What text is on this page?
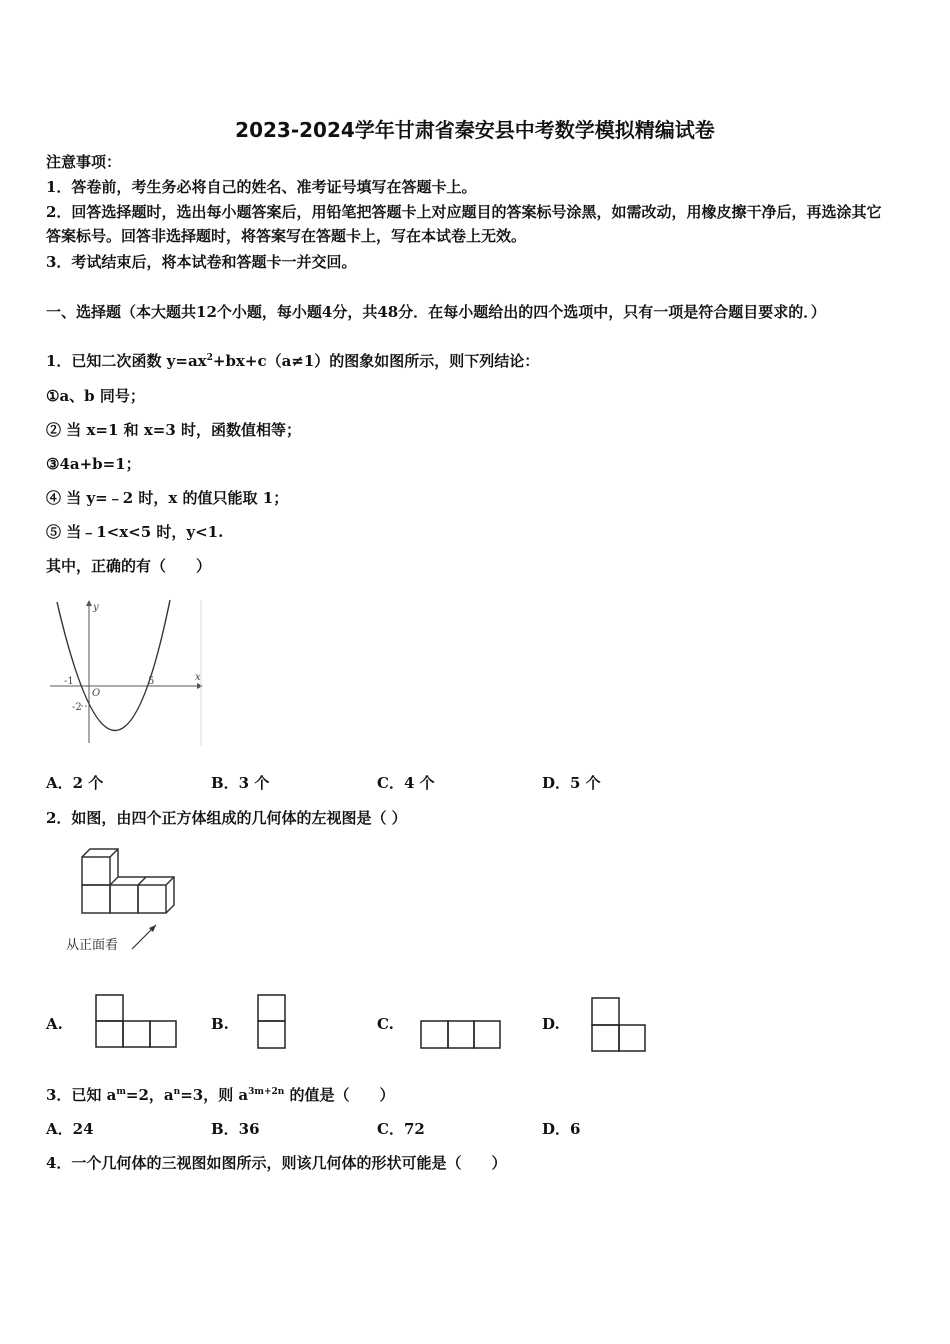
2023-2024学年甘肃省秦安县中考数学模拟精编试卷
注意事项：
1．答卷前，考生务必将自己的姓名、准考证号填写在答题卡上。
2．回答选择题时，选出每小题答案后，用铅笔把答题卡上对应题目的答案标号涂黑，如需改动，用橡皮擦干净后，再选涂其它答案标号。回答非选择题时，将答案写在答题卡上，写在本试卷上无效。
3．考试结束后，将本试卷和答题卡一并交回。
一、选择题（本大题共12个小题，每小题4分，共48分．在每小题给出的四个选项中，只有一项是符合题目要求的．）
1．已知二次函数 $y=ax^2+bx+c(a\ne 1)$的图象如图所示，则下列结论：
①a、b 同号；
② 当 x=1 和 x=3 时，函数值相等；
③4a+b=1；
④ 当 y=﹣2 时，x 的值只能取 1；
⑤ 当﹣1<x<5 时，y<1.
其中，正确的有（　　）
y
x
-1
O
5
-2
A．2 个	B．3 个	C．4 个	D．5 个
2．如图，由四个正方体组成的几何体的左视图是（ ）
从正面看
A.	B.	C.	D.
3．已知 $a^m=2$，$a^n=3$，则 $a^{3m+2n}$ 的值是（　　）
A．24	B．36	C．72	D．6
4．一个几何体的三视图如图所示，则该几何体的形状可能是（　　）
